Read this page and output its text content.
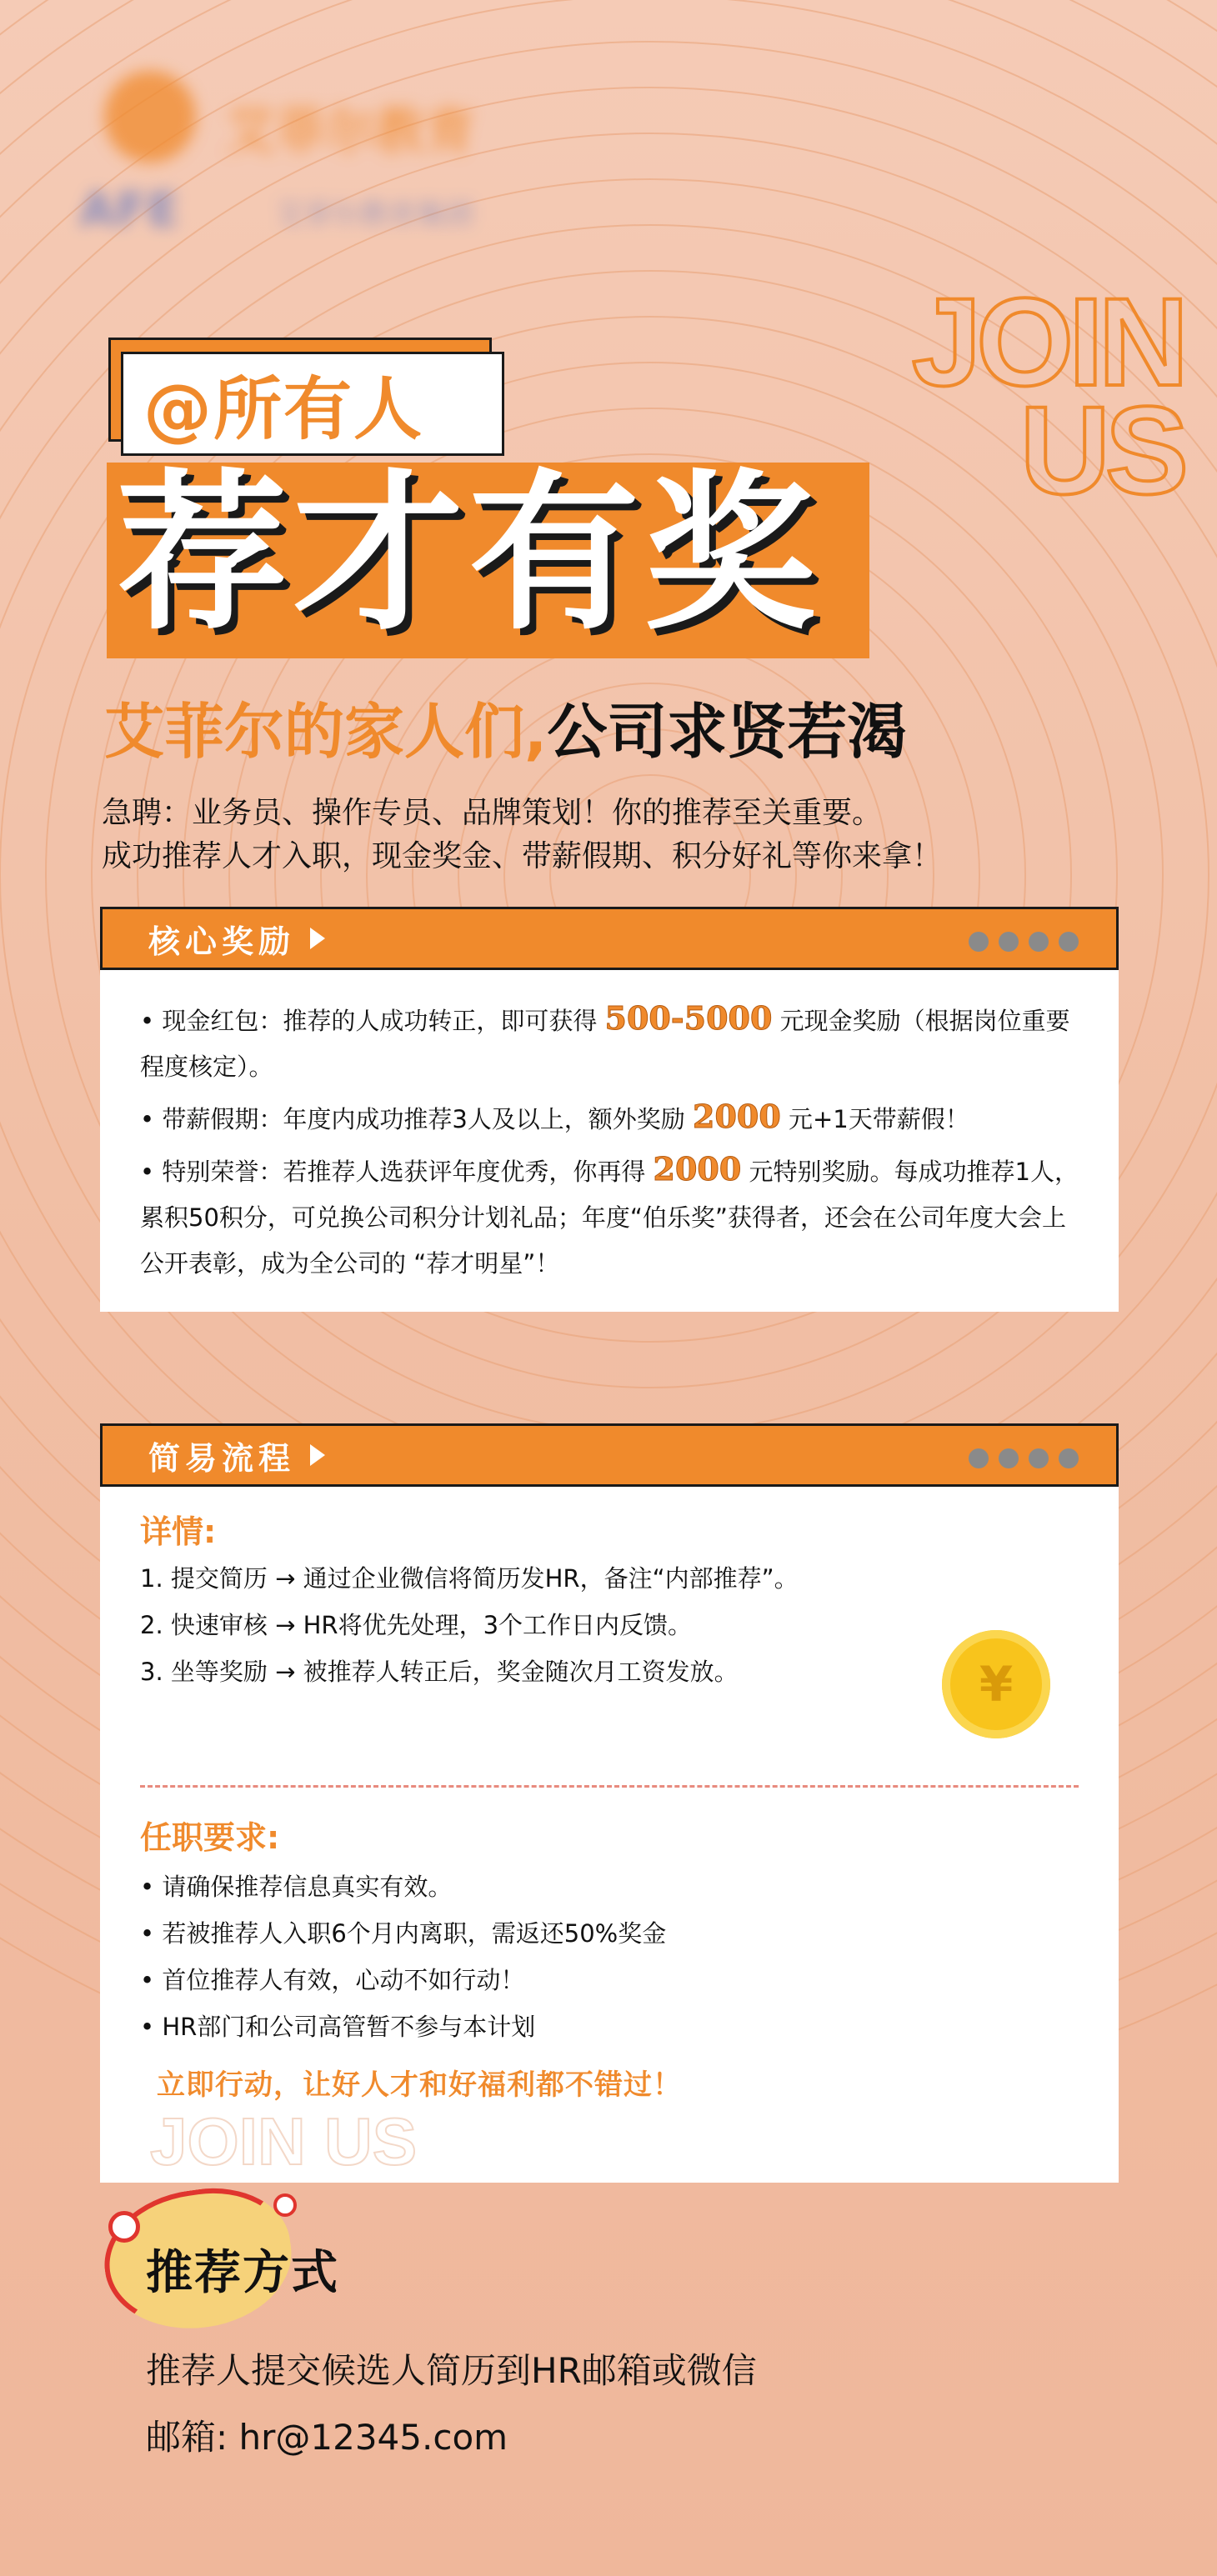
艾菲尔教育
AFE	艾菲尔教育集团
JOIN
US
@所有人
荐才有奖
艾菲尔的家人们,公司求贤若渴
急聘：业务员、操作专员、品牌策划！你的推荐至关重要。
成功推荐人才入职，现金奖金、带薪假期、积分好礼等你来拿！
核心奖励
• 现金红包：推荐的人成功转正，即可获得 500-5000 元现金奖励（根据岗位重要程度核定）。
• 带薪假期：年度内成功推荐3人及以上，额外奖励 2000 元+1天带薪假！
• 特别荣誉：若推荐人选获评年度优秀，你再得 2000 元特别奖励。每成功推荐1人，累积50积分，可兑换公司积分计划礼品；年度“伯乐奖”获得者，还会在公司年度大会上公开表彰，成为全公司的 “荐才明星”！
简易流程
详情:
1. 提交简历 → 通过企业微信将简历发HR，备注“内部推荐”。
2. 快速审核 → HR将优先处理，3个工作日内反馈。
3. 坐等奖励 → 被推荐人转正后，奖金随次月工资发放。	¥
任职要求:
• 请确保推荐信息真实有效。
• 若被推荐人入职6个月内离职，需返还50%奖金
• 首位推荐人有效，心动不如行动！
• HR部门和公司高管暂不参与本计划
立即行动，让好人才和好福利都不错过！
JOIN US
推荐方式
推荐人提交候选人简历到HR邮箱或微信
邮箱: hr@12345.com
